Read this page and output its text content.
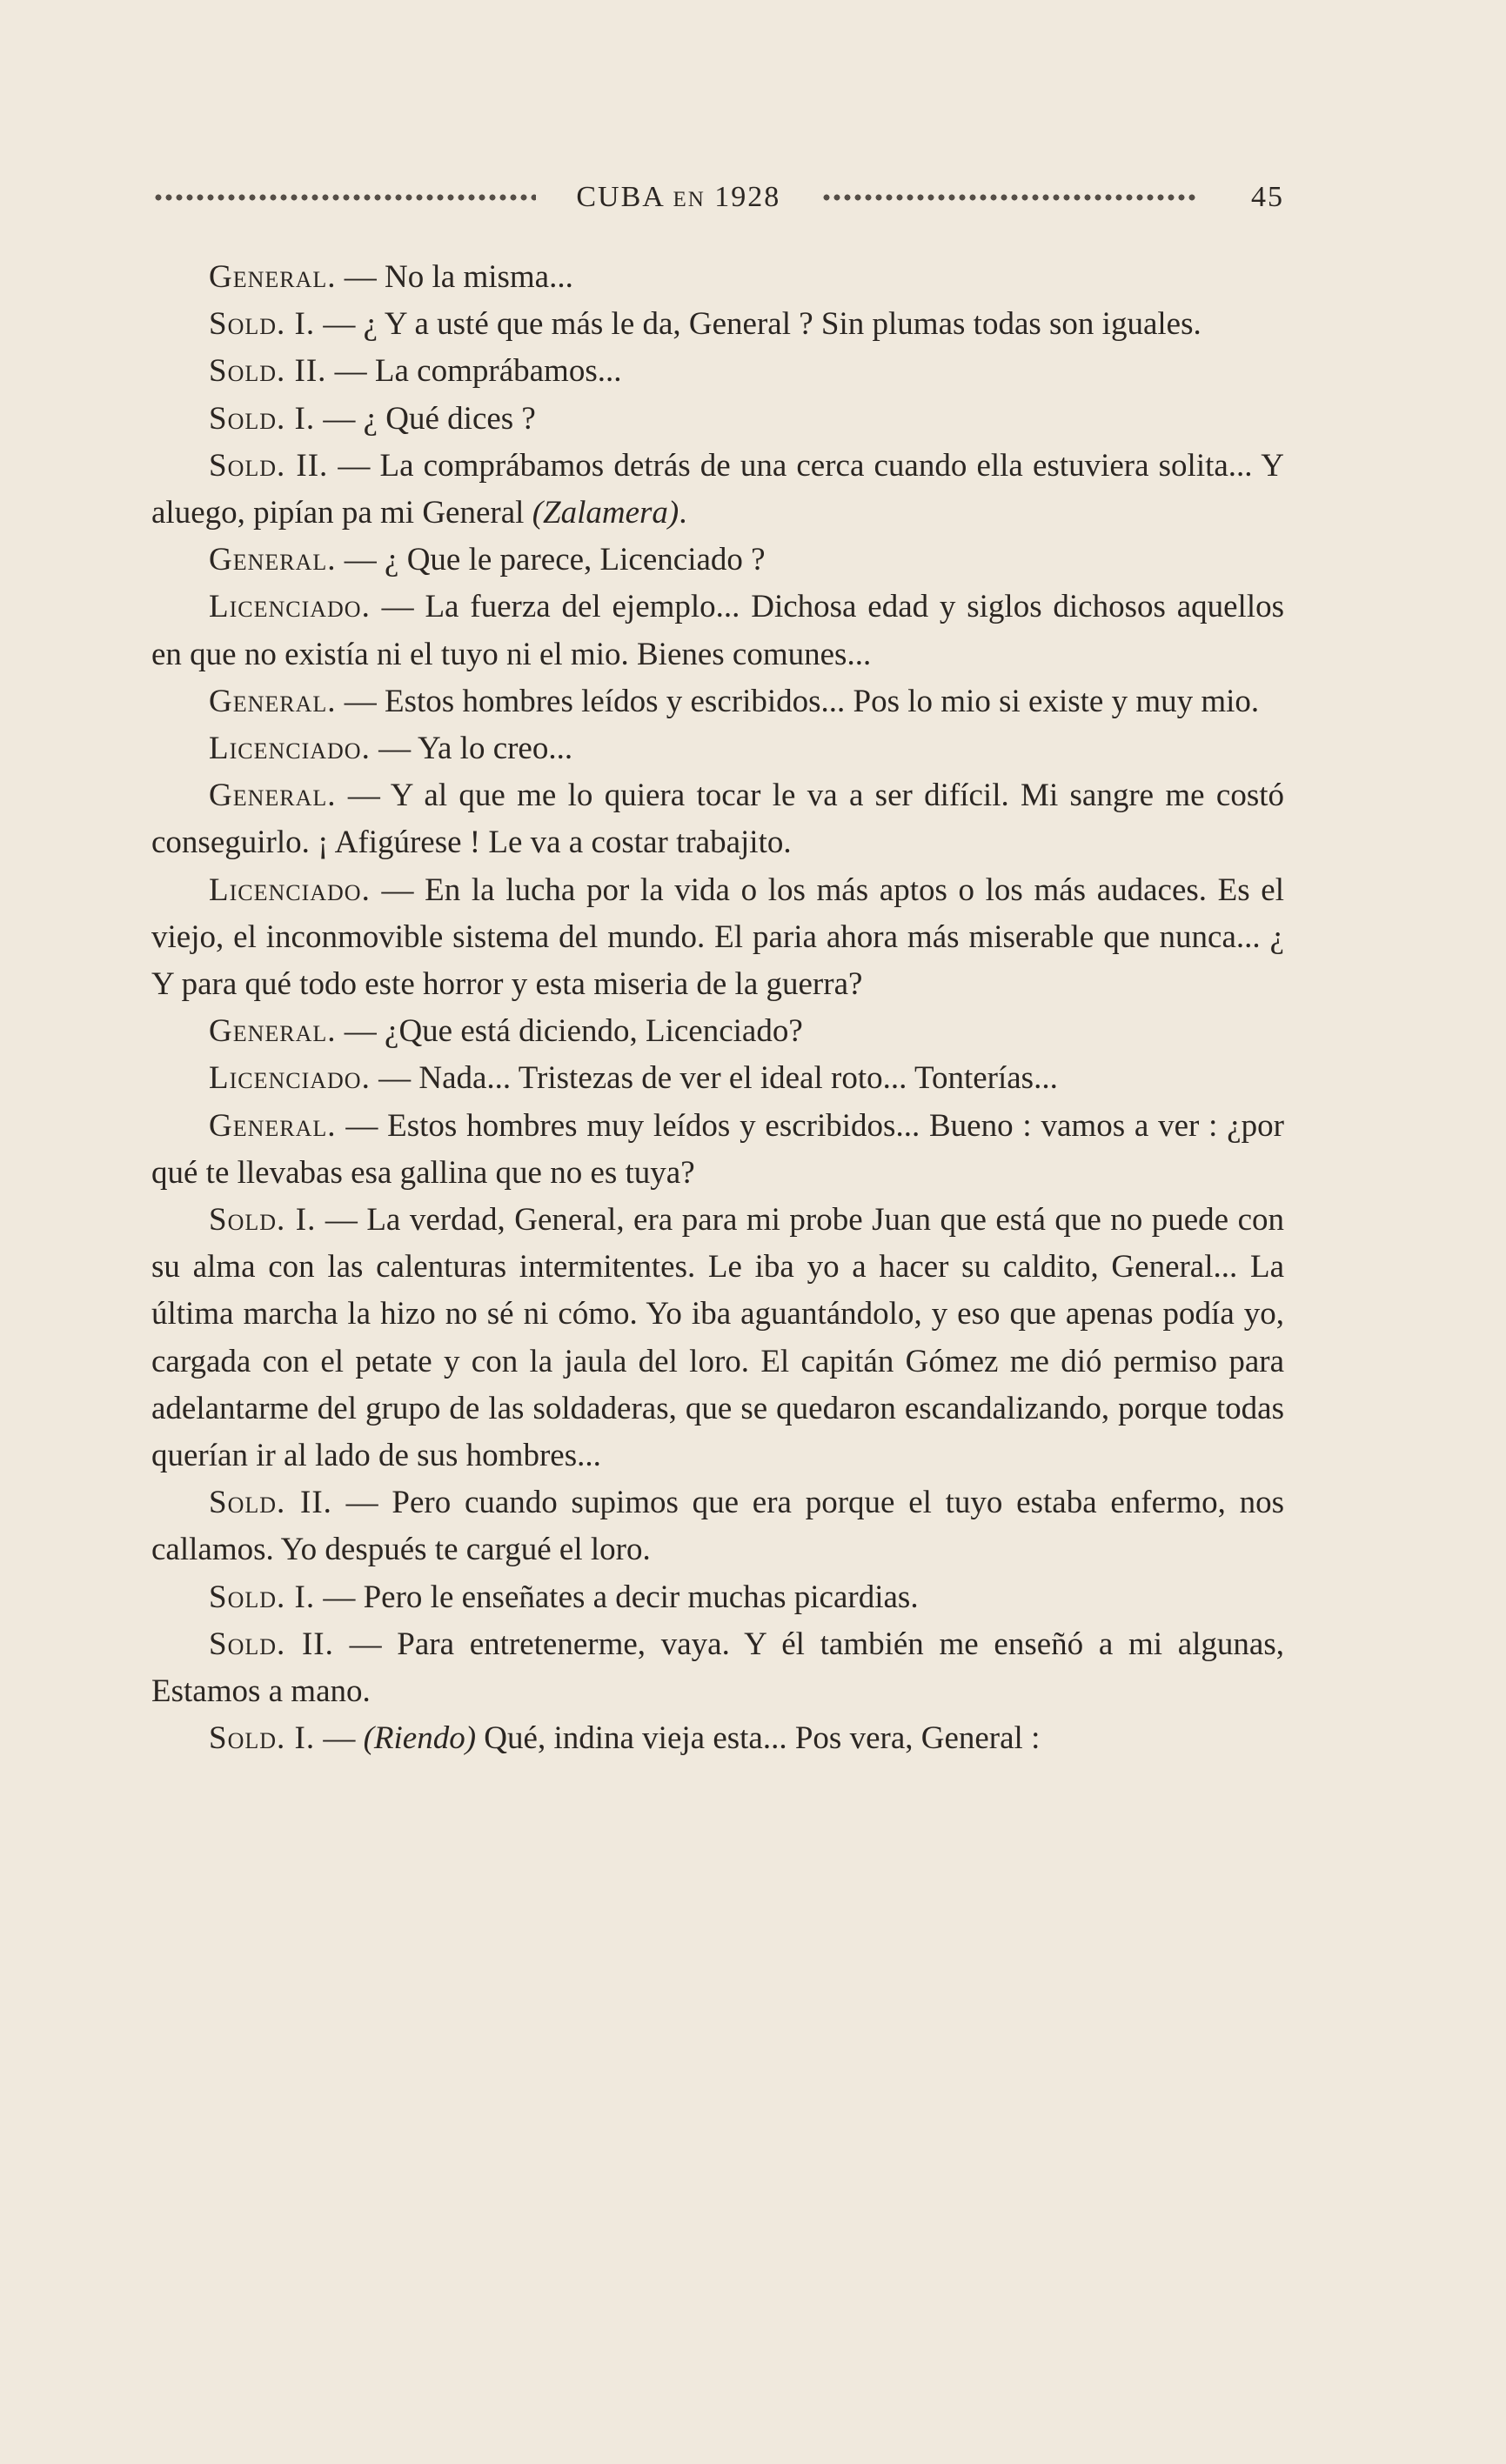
CUBA EN 1928	45

General. — No la misma...

Sold. I. — ¿ Y a usté que más le da, General ? Sin plumas todas son iguales.

Sold. II. — La comprábamos...

Sold. I. — ¿ Qué dices ?

Sold. II. — La comprábamos detrás de una cerca cuando ella estuviera solita... Y aluego, pipían pa mi General (Zalamera).

General. — ¿ Que le parece, Licenciado ?

Licenciado. — La fuerza del ejemplo... Dichosa edad y siglos dichosos aquellos en que no existía ni el tuyo ni el mio. Bienes comunes...

General. — Estos hombres leídos y escribidos... Pos lo mio si existe y muy mio.

Licenciado. — Ya lo creo...

General. — Y al que me lo quiera tocar le va a ser difícil. Mi sangre me costó conseguirlo. ¡ Afigúrese ! Le va a costar trabajito.

Licenciado. — En la lucha por la vida o los más aptos o los más audaces. Es el viejo, el inconmovible sistema del mundo. El paria ahora más miserable que nunca... ¿ Y para qué todo este horror y esta miseria de la guerra?

General. — ¿Que está diciendo, Licenciado?

Licenciado. — Nada... Tristezas de ver el ideal roto... Tonterías...

General. — Estos hombres muy leídos y escribidos... Bueno : vamos a ver : ¿por qué te llevabas esa gallina que no es tuya?

Sold. I. — La verdad, General, era para mi probe Juan que está que no puede con su alma con las calenturas intermitentes. Le iba yo a hacer su caldito, General... La última marcha la hizo no sé ni cómo. Yo iba aguantándolo, y eso que apenas podía yo, cargada con el petate y con la jaula del loro. El capitán Gómez me dió permiso para adelantarme del grupo de las soldaderas, que se quedaron escandalizando, porque todas querían ir al lado de sus hombres...

Sold. II. — Pero cuando supimos que era porque el tuyo estaba enfermo, nos callamos. Yo después te cargué el loro.

Sold. I. — Pero le enseñates a decir muchas picardias.

Sold. II. — Para entretenerme, vaya. Y él también me enseñó a mi algunas, Estamos a mano.

Sold. I. — (Riendo) Qué, indina vieja esta... Pos vera, General :
